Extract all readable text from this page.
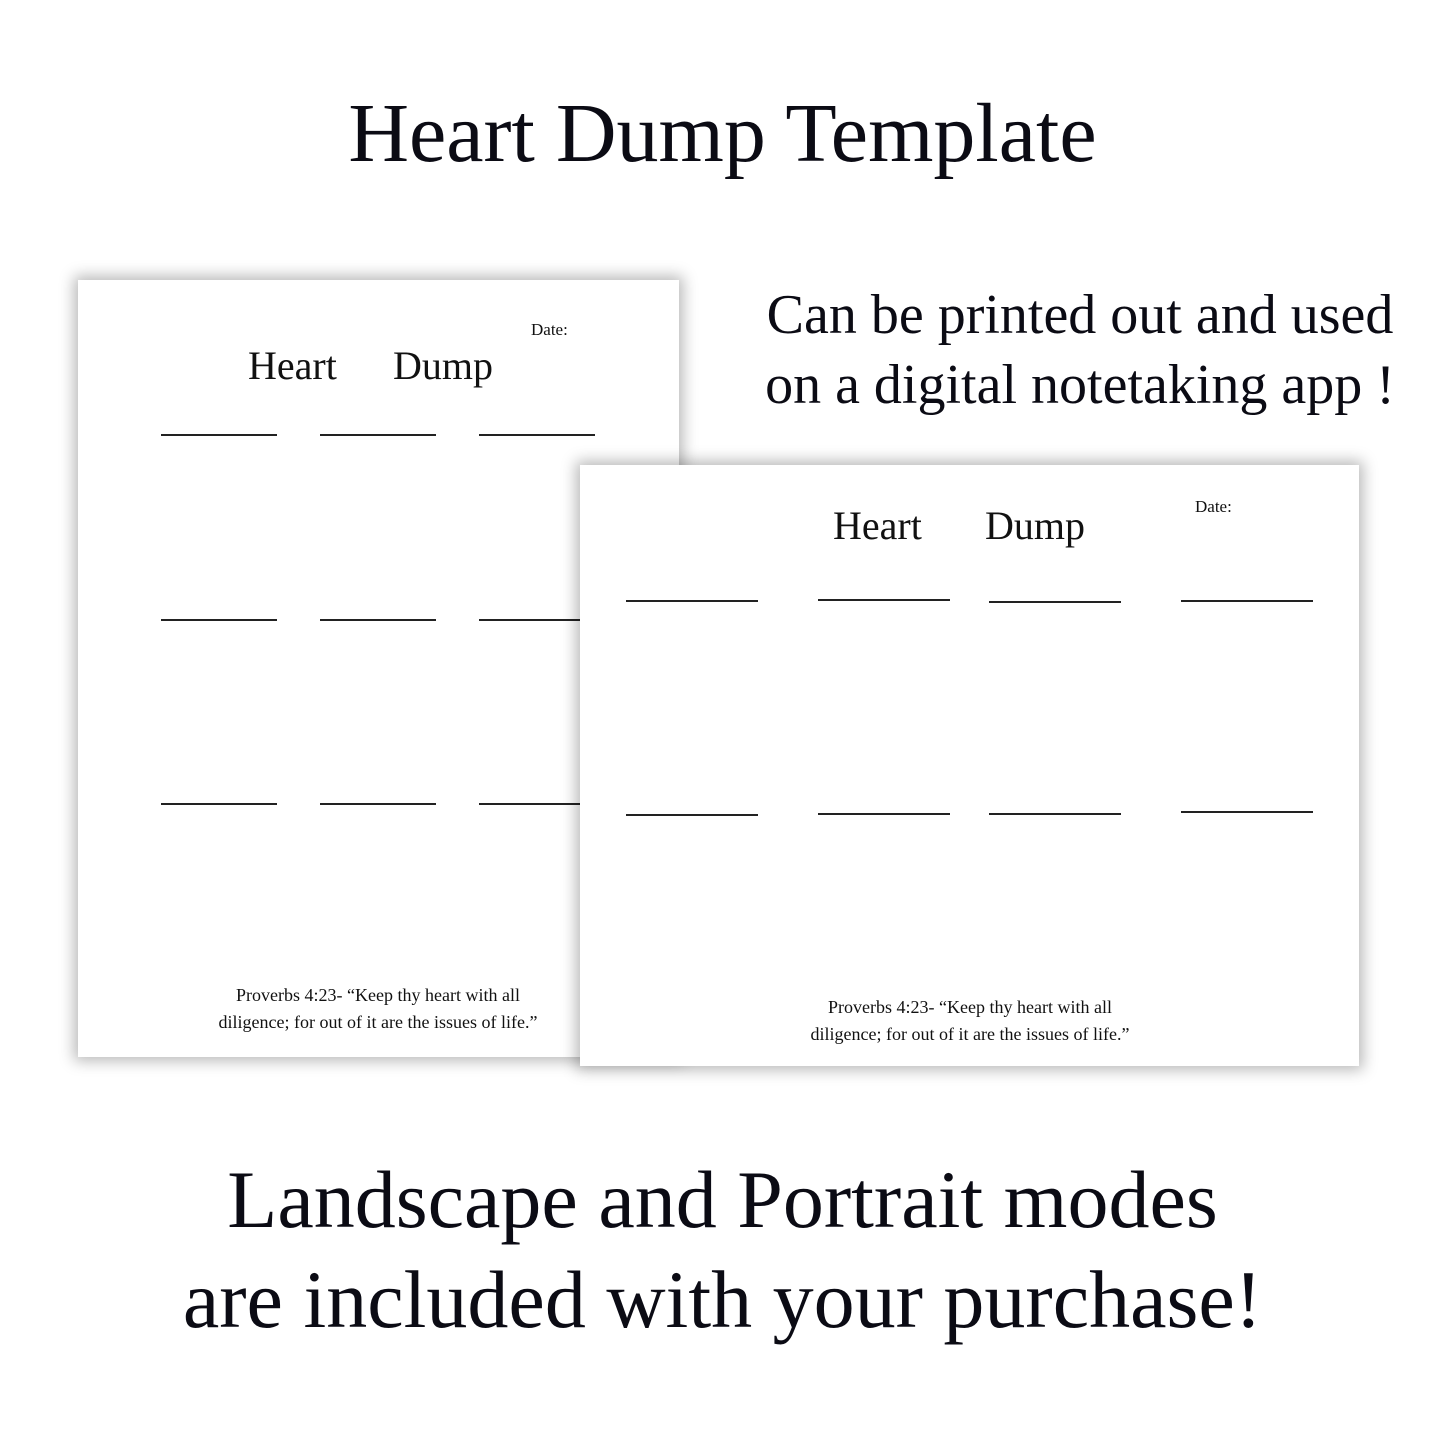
Heart Dump Template
Can be printed out and used
on a digital notetaking app !
Date:
Heart Dump
Proverbs 4:23- “Keep thy heart with all
diligence; for out of it are the issues of life.”
Date:
Heart Dump
Proverbs 4:23- “Keep thy heart with all
diligence; for out of it are the issues of life.”
Landscape and Portrait modes
are included with your purchase!
